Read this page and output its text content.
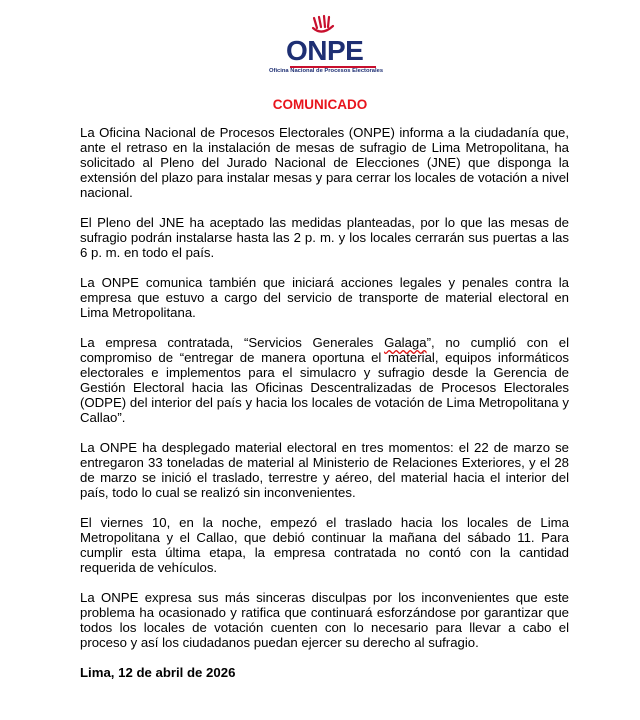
ONPE
Oficina Nacional de Procesos Electorales
COMUNICADO

La Oficina Nacional de Procesos Electorales (ONPE) informa a la ciudadanía que, ante el retraso en la instalación de mesas de sufragio de Lima Metropolitana, ha solicitado al Pleno del Jurado Nacional de Elecciones (JNE) que disponga la extensión del plazo para instalar mesas y para cerrar los locales de votación a nivel nacional.

El Pleno del JNE ha aceptado las medidas planteadas, por lo que las mesas de sufragio podrán instalarse hasta las 2 p. m. y los locales cerrarán sus puertas a las 6 p. m. en todo el país.

La ONPE comunica también que iniciará acciones legales y penales contra la empresa que estuvo a cargo del servicio de transporte de material electoral en Lima Metropolitana.

La empresa contratada, “Servicios Generales Galaga”, no cumplió con el compromiso de “entregar de manera oportuna el material, equipos informáticos electorales e implementos para el simulacro y sufragio desde la Gerencia de Gestión Electoral hacia las Oficinas Descentralizadas de Procesos Electorales (ODPE) del interior del país y hacia los locales de votación de Lima Metropolitana y Callao”.

La ONPE ha desplegado material electoral en tres momentos: el 22 de marzo se entregaron 33 toneladas de material al Ministerio de Relaciones Exteriores, y el 28 de marzo se inició el traslado, terrestre y aéreo, del material hacia el interior del país, todo lo cual se realizó sin inconvenientes.

El viernes 10, en la noche, empezó el traslado hacia los locales de Lima Metropolitana y el Callao, que debió continuar la mañana del sábado 11. Para cumplir esta última etapa, la empresa contratada no contó con la cantidad requerida de vehículos.

La ONPE expresa sus más sinceras disculpas por los inconvenientes que este problema ha ocasionado y ratifica que continuará esforzándose por garantizar que todos los locales de votación cuenten con lo necesario para llevar a cabo el proceso y así los ciudadanos puedan ejercer su derecho al sufragio.

Lima, 12 de abril de 2026
